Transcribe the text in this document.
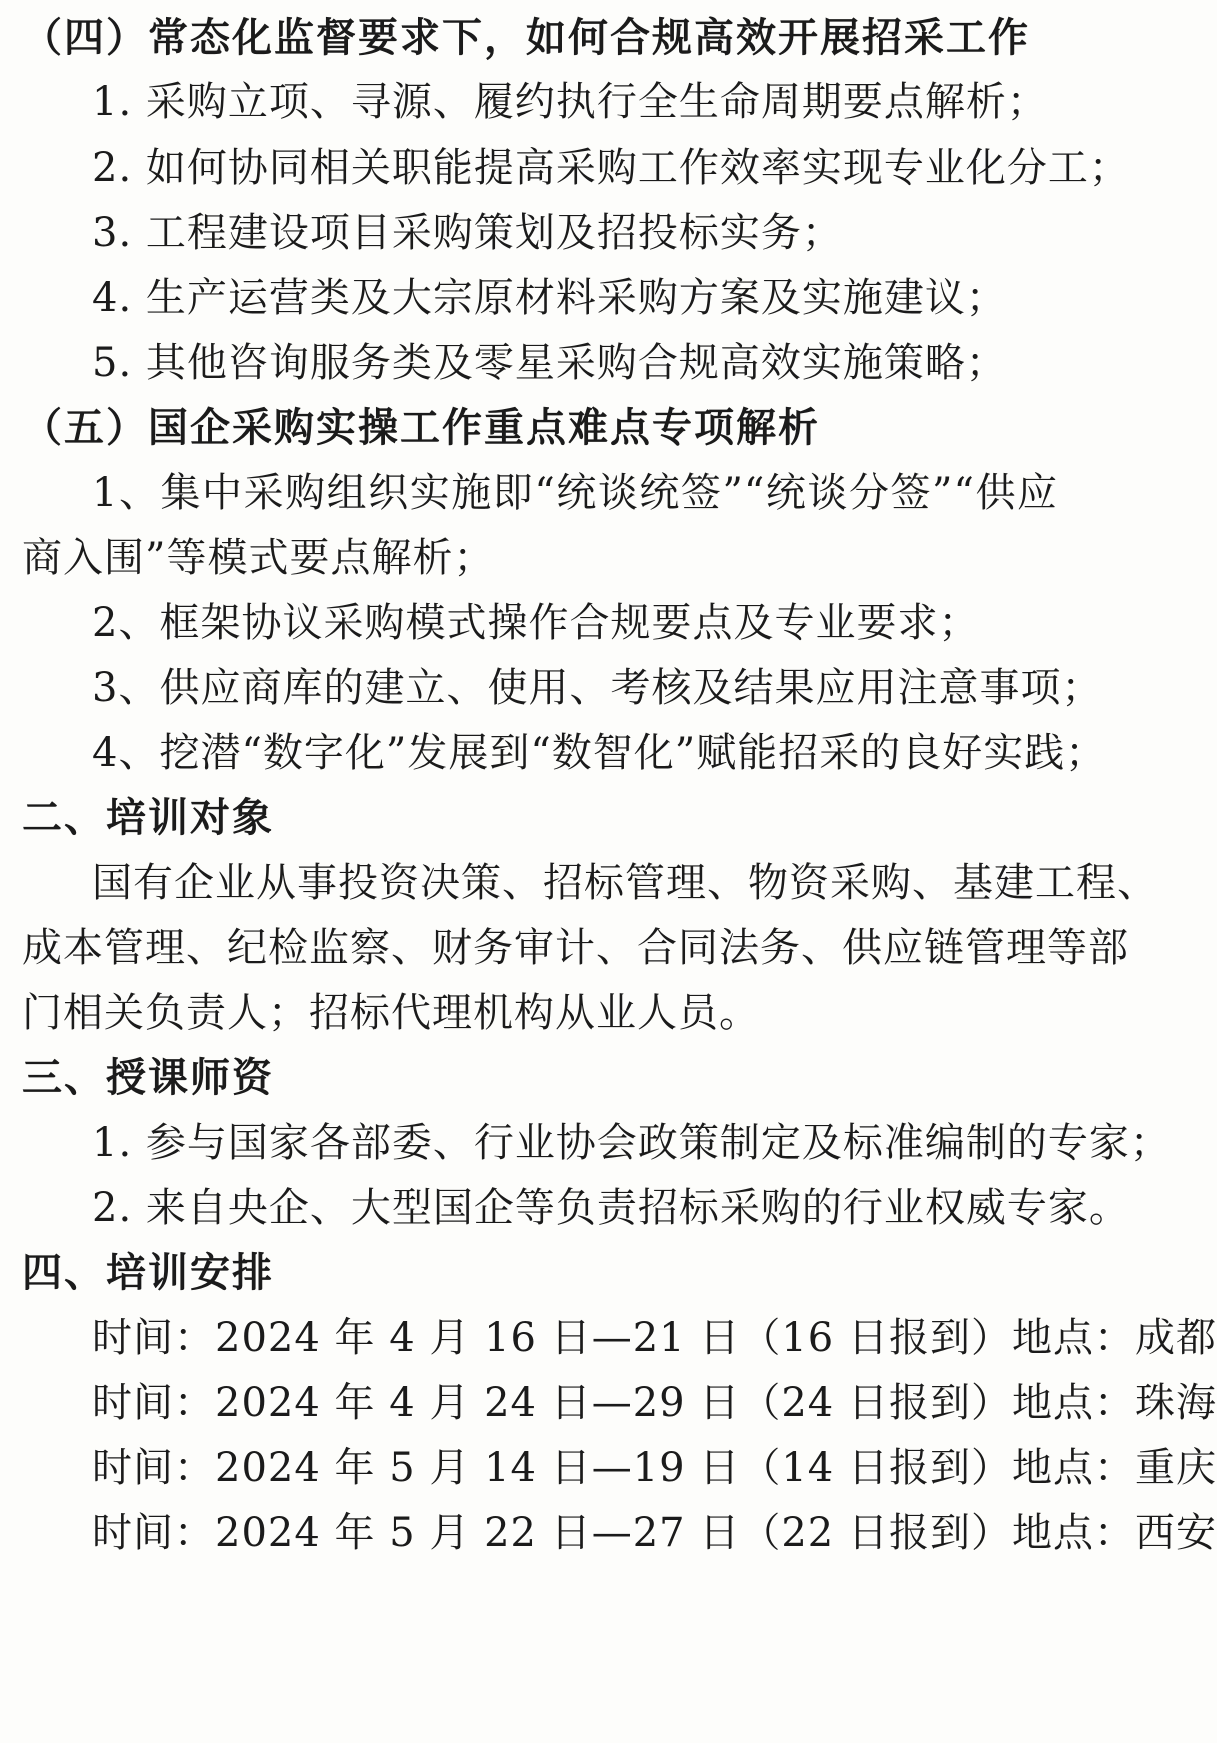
（四）常态化监督要求下，如何合规高效开展招采工作
1. 采购立项、寻源、履约执行全生命周期要点解析；
2. 如何协同相关职能提高采购工作效率实现专业化分工；
3. 工程建设项目采购策划及招投标实务；
4. 生产运营类及大宗原材料采购方案及实施建议；
5. 其他咨询服务类及零星采购合规高效实施策略；
（五）国企采购实操工作重点难点专项解析
1、集中采购组织实施即“统谈统签”“统谈分签”“供应
商入围”等模式要点解析；
2、框架协议采购模式操作合规要点及专业要求；
3、供应商库的建立、使用、考核及结果应用注意事项；
4、挖潜“数字化”发展到“数智化”赋能招采的良好实践；
二、培训对象
国有企业从事投资决策、招标管理、物资采购、基建工程、
成本管理、纪检监察、财务审计、合同法务、供应链管理等部
门相关负责人；招标代理机构从业人员。
三、授课师资
1. 参与国家各部委、行业协会政策制定及标准编制的专家；
2. 来自央企、大型国企等负责招标采购的行业权威专家。
四、培训安排
时间：2024 年 4 月 16 日—21 日（16 日报到） 地点：成都
时间：2024 年 4 月 24 日—29 日（24 日报到） 地点：珠海
时间：2024 年 5 月 14 日—19 日（14 日报到） 地点：重庆
时间：2024 年 5 月 22 日—27 日（22 日报到） 地点：西安
